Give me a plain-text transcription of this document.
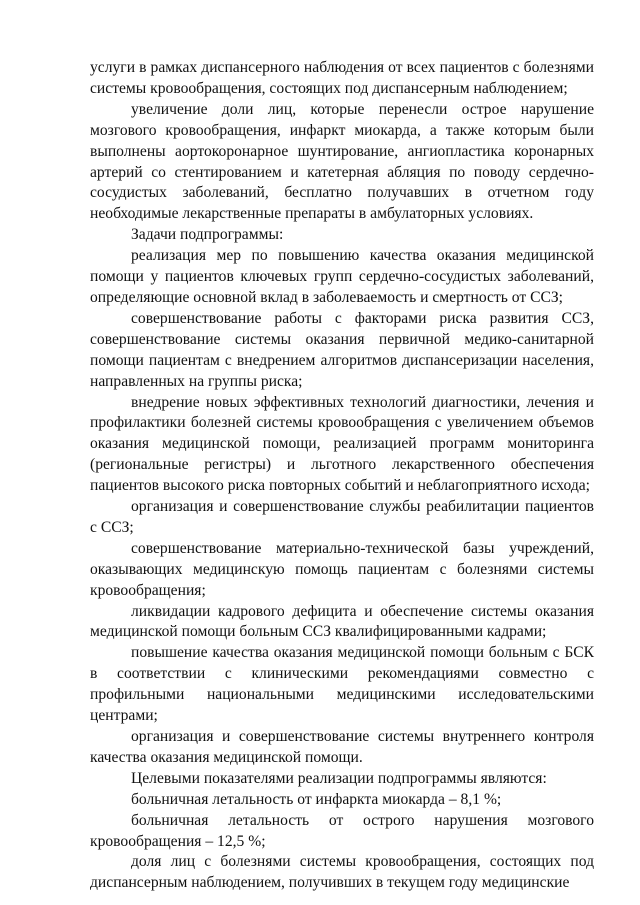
услуги в рамках диспансерного наблюдения от всех пациентов с болезнями системы кровообращения, состоящих под диспансерным наблюдением;

увеличение доли лиц, которые перенесли острое нарушение мозгового кровообращения, инфаркт миокарда, а также которым были выполнены аортокоронарное шунтирование, ангиопластика коронарных артерий со стентированием и катетерная абляция по поводу сердечно-сосудистых заболеваний, бесплатно получавших в отчетном году необходимые лекарственные препараты в амбулаторных условиях.

Задачи подпрограммы:

реализация мер по повышению качества оказания медицинской помощи у пациентов ключевых групп сердечно-сосудистых заболеваний, определяющие основной вклад в заболеваемость и смертность от ССЗ;

совершенствование работы с факторами риска развития ССЗ, совершенствование системы оказания первичной медико-санитарной помощи пациентам с внедрением алгоритмов диспансеризации населения, направленных на группы риска;

внедрение новых эффективных технологий диагностики, лечения и профилактики болезней системы кровообращения с увеличением объемов оказания медицинской помощи, реализацией программ мониторинга (региональные регистры) и льготного лекарственного обеспечения пациентов высокого риска повторных событий и неблагоприятного исхода;

организация и совершенствование службы реабилитации пациентов с ССЗ;

совершенствование материально-технической базы учреждений, оказывающих медицинскую помощь пациентам с болезнями системы кровообращения;

ликвидации кадрового дефицита и обеспечение системы оказания медицинской помощи больным ССЗ квалифицированными кадрами;

повышение качества оказания медицинской помощи больным с БСК в соответствии с клиническими рекомендациями совместно с профильными национальными медицинскими исследовательскими центрами;

организация и совершенствование системы внутреннего контроля качества оказания медицинской помощи.

Целевыми показателями реализации подпрограммы являются:

больничная летальность от инфаркта миокарда – 8,1 %;

больничная летальность от острого нарушения мозгового кровообращения – 12,5 %;

доля лиц с болезнями системы кровообращения, состоящих под диспансерным наблюдением, получивших в текущем году медицинские
